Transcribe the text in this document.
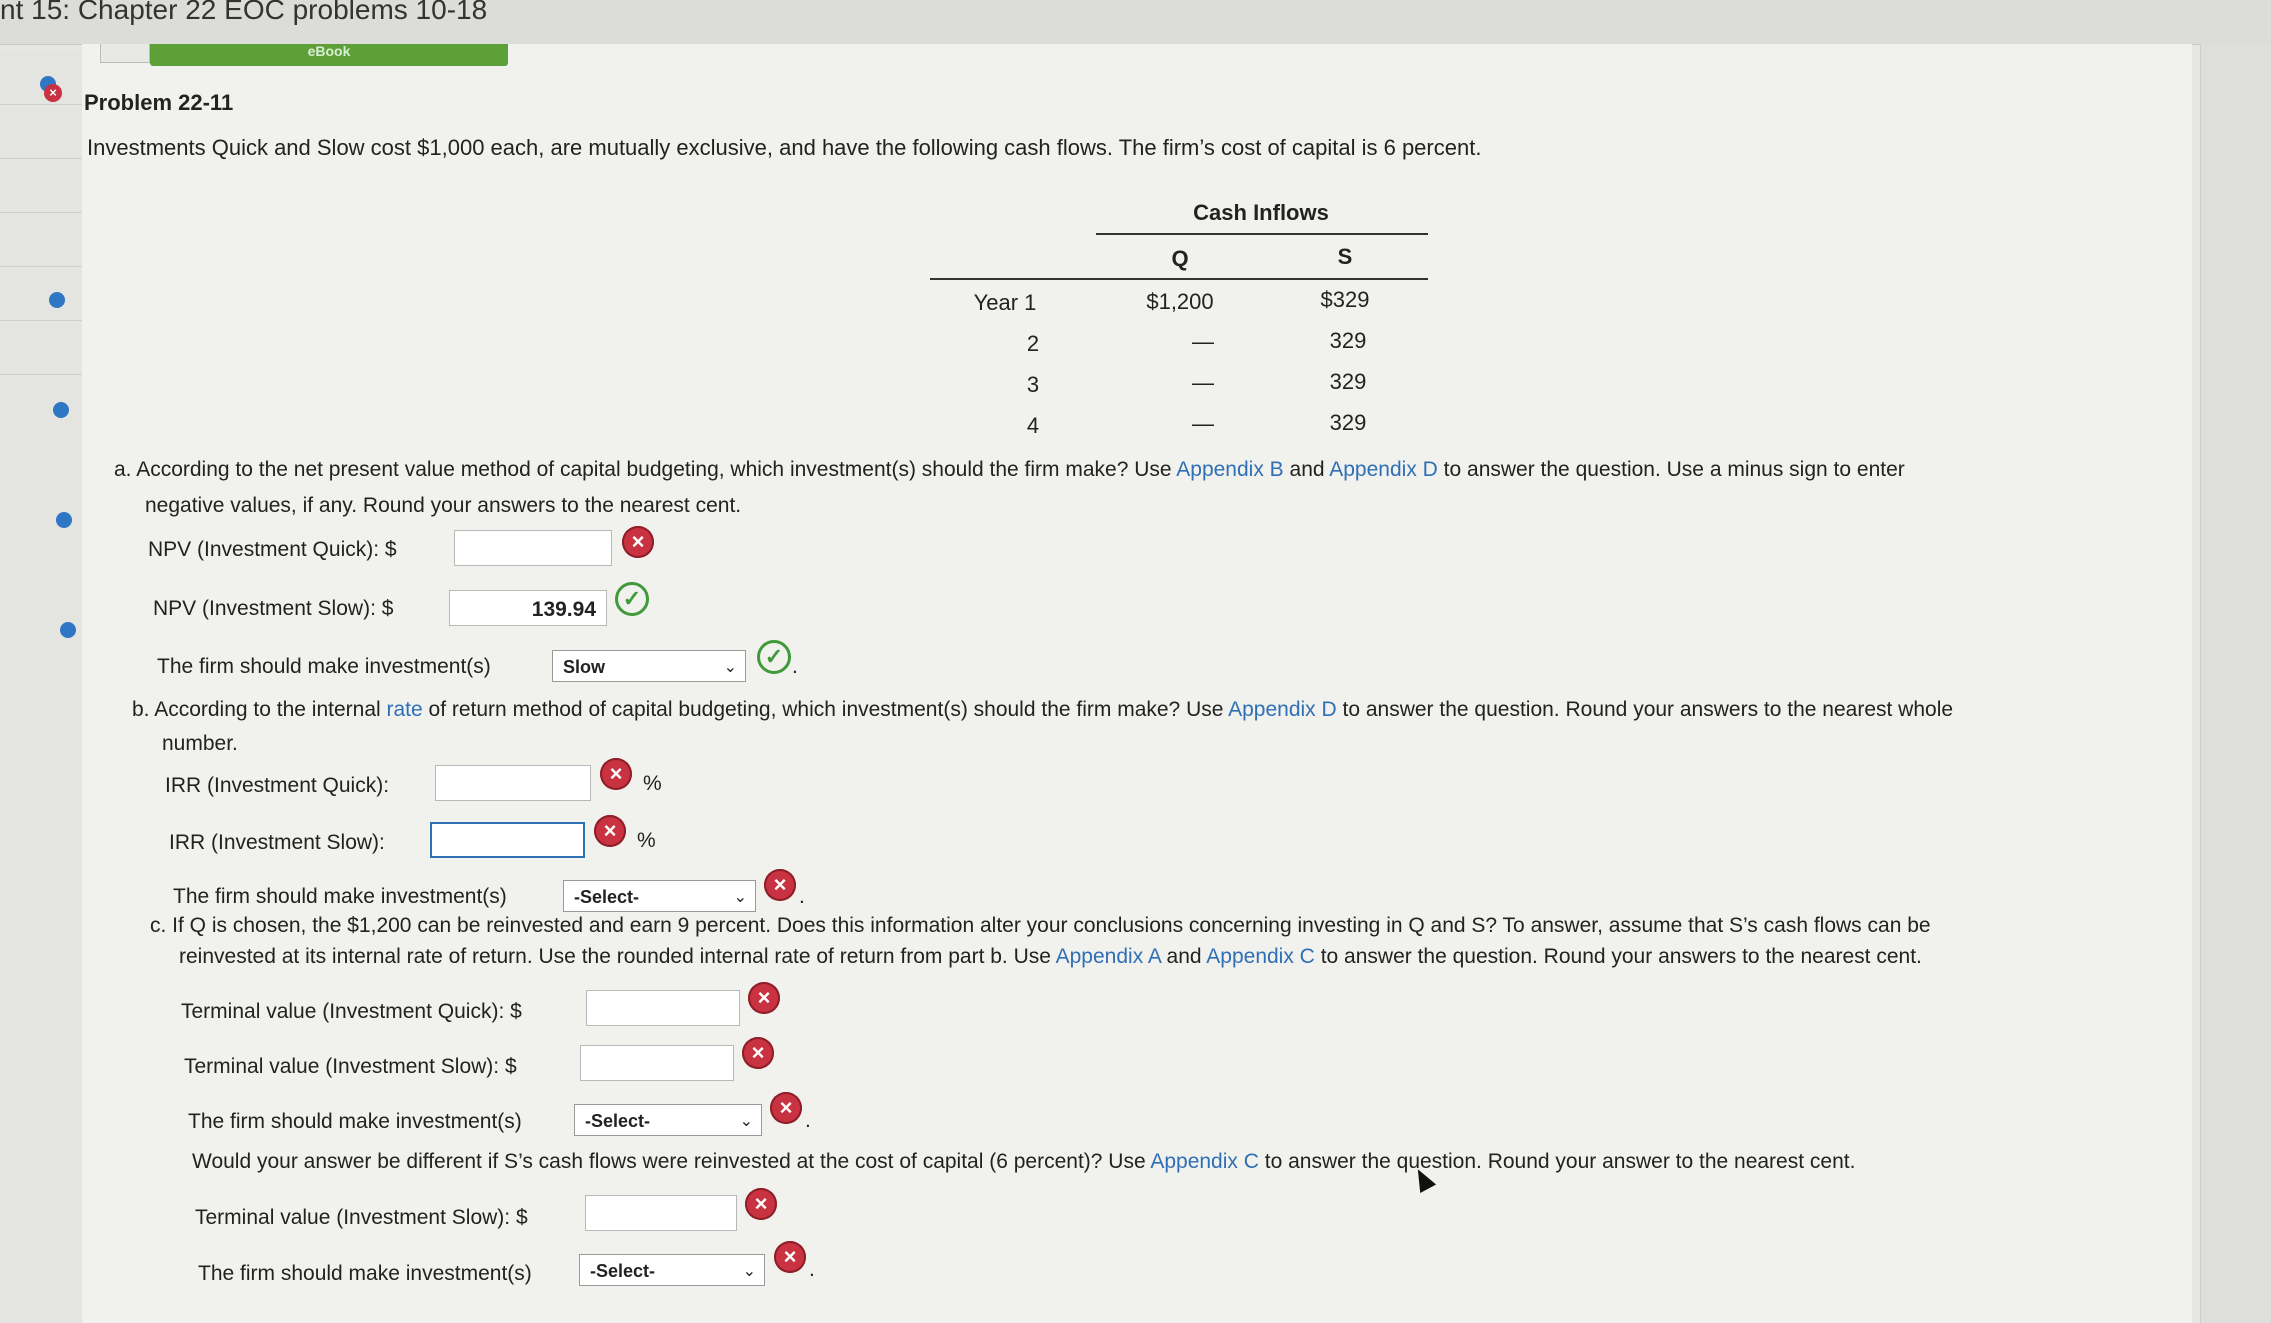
nt 15: Chapter 22 EOC problems 10-18
×
eBook
Problem 22-11
Investments Quick and Slow cost $1,000 each, are mutually exclusive, and have the following cash flows. The firm’s cost of capital is 6 percent.
Cash Inflows
Q	S
Year 1	$1,200	$329
2	—	329
3	—	329
4	—	329
a. According to the net present value method of capital budgeting, which investment(s) should the firm make? Use Appendix B and Appendix D to answer the question. Use a minus sign to enter
negative values, if any. Round your answers to the nearest cent.
NPV (Investment Quick): $	×
NPV (Investment Slow): $	139.94	✓
The firm should make investment(s)	Slow	⌄	✓ .
b. According to the internal rate of return method of capital budgeting, which investment(s) should the firm make? Use Appendix D to answer the question. Round your answers to the nearest whole
number.
IRR (Investment Quick):	× %
IRR (Investment Slow):	× %
The firm should make investment(s)	-Select-	⌄
× .
c. If Q is chosen, the $1,200 can be reinvested and earn 9 percent. Does this information alter your conclusions concerning investing in Q and S? To answer, assume that S’s cash flows can be
reinvested at its internal rate of return. Use the rounded internal rate of return from part b. Use Appendix A and Appendix C to answer the question. Round your answers to the nearest cent.
Terminal value (Investment Quick): $
×
Terminal value (Investment Slow): $
×
The firm should make investment(s)	-Select-	⌄
×
.
Would your answer be different if S’s cash flows were reinvested at the cost of capital (6 percent)? Use Appendix C to answer the question. Round your answer to the nearest cent.
Terminal value (Investment Slow): $
×
The firm should make investment(s)	-Select-	⌄
×
.
